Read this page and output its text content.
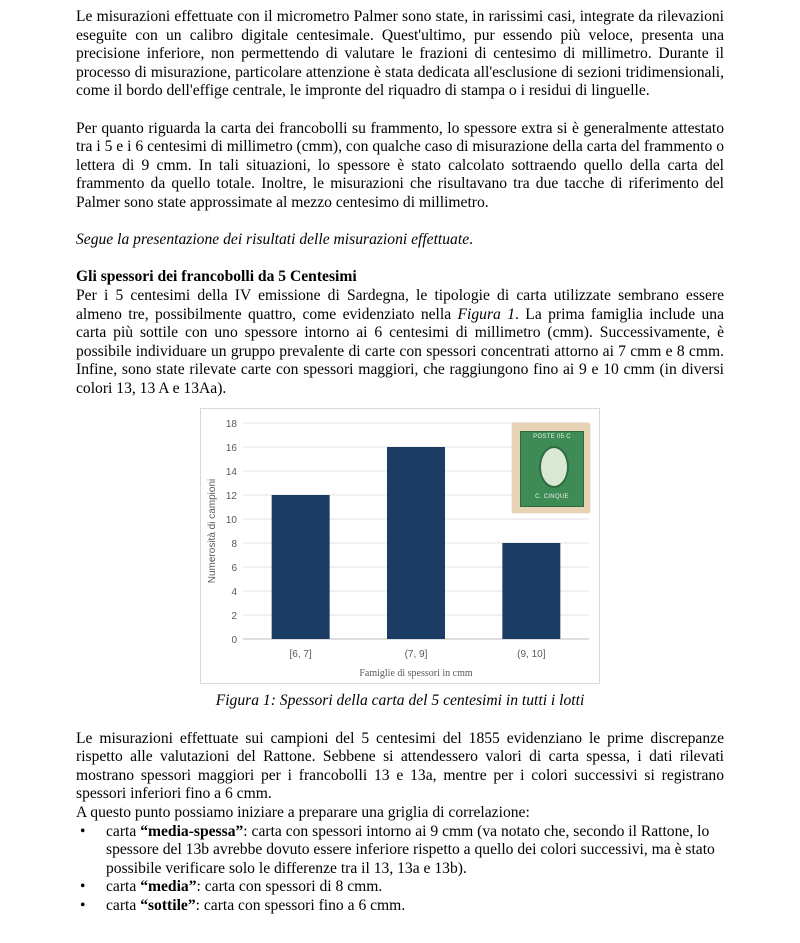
Le misurazioni effettuate con il micrometro Palmer sono state, in rarissimi casi, integrate da rilevazioni eseguite con un calibro digitale centesimale. Quest'ultimo, pur essendo più veloce, presenta una precisione inferiore, non permettendo di valutare le frazioni di centesimo di millimetro. Durante il processo di misurazione, particolare attenzione è stata dedicata all'esclusione di sezioni tridimensionali, come il bordo dell'effige centrale, le impronte del riquadro di stampa o i residui di linguelle.

Per quanto riguarda la carta dei francobolli su frammento, lo spessore extra si è generalmente attestato tra i 5 e i 6 centesimi di millimetro (cmm), con qualche caso di misurazione della carta del frammento o lettera di 9 cmm. In tali situazioni, lo spessore è stato calcolato sottraendo quello della carta del frammento da quello totale. Inoltre, le misurazioni che risultavano tra due tacche di riferimento del Palmer sono state approssimate al mezzo centesimo di millimetro.

Segue la presentazione dei risultati delle misurazioni effettuate.

Gli spessori dei francobolli da 5 Centesimi

Per i 5 centesimi della IV emissione di Sardegna, le tipologie di carta utilizzate sembrano essere almeno tre, possibilmente quattro, come evidenziato nella Figura 1. La prima famiglia include una carta più sottile con uno spessore intorno ai 6 centesimi di millimetro (cmm). Successivamente, è possibile individuare un gruppo prevalente di carte con spessori concentrati attorno ai 7 cmm e 8 cmm. Infine, sono state rilevate carte con spessori maggiori, che raggiungono fino ai 9 e 10 cmm (in diversi colori 13, 13 A e 13Aa).

0
2
4
6
8
10
12
14
16
18
[6, 7]	(7, 9]	(9, 10]
Famiglie di spessori in cmm
Numerosità di campioni
POSTE 05 C
C. CINQUE
Figura 1: Spessori della carta del 5 centesimi in tutti i lotti

Le misurazioni effettuate sui campioni del 5 centesimi del 1855 evidenziano le prime discrepanze rispetto alle valutazioni del Rattone. Sebbene si attendessero valori di carta spessa, i dati rilevati mostrano spessori maggiori per i francobolli 13 e 13a, mentre per i colori successivi si registrano spessori inferiori fino a 6 cmm.

A questo punto possiamo iniziare a preparare una griglia di correlazione:

• carta “media-spessa”: carta con spessori intorno ai 9 cmm (va notato che, secondo il Rattone, lo spessore del 13b avrebbe dovuto essere inferiore rispetto a quello dei colori successivi, ma è stato possibile verificare solo le differenze tra il 13, 13a e 13b).
• carta “media”: carta con spessori di 8 cmm.
• carta “sottile”: carta con spessori fino a 6 cmm.
